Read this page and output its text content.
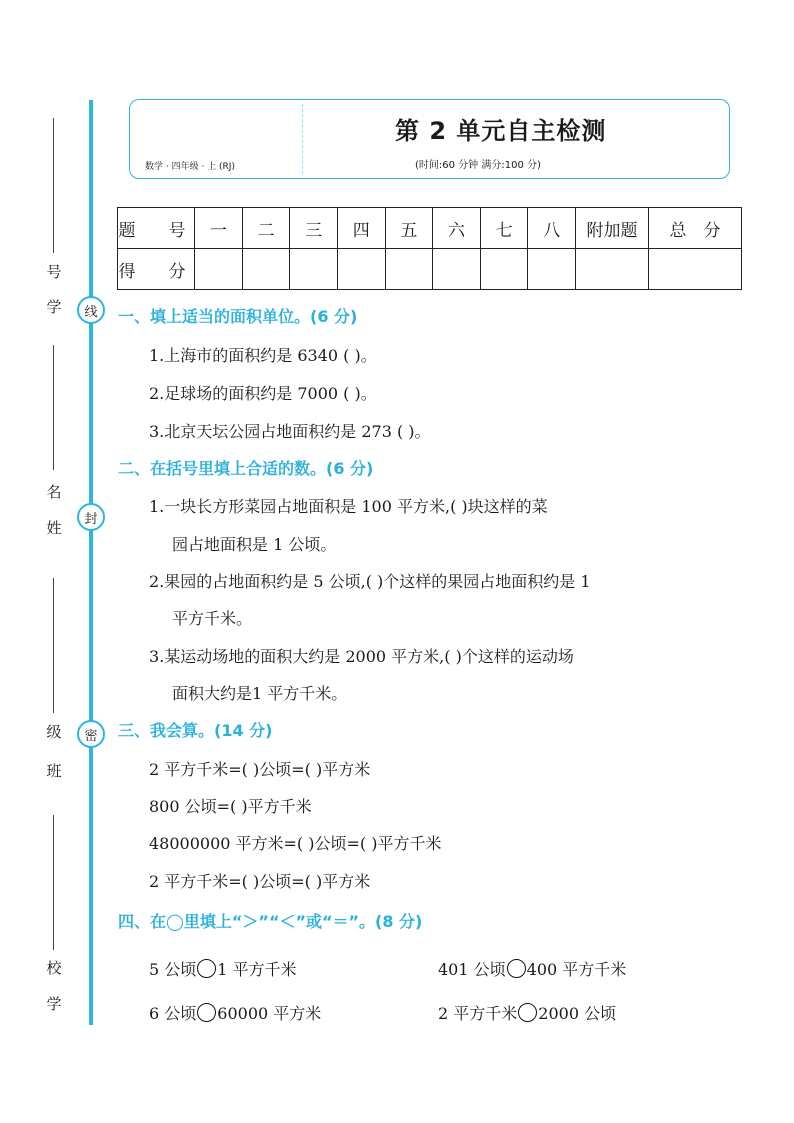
号
学
名
姓
级
班
校
学
线
封
密
数学 · 四年级 · 上 (RJ)
第 2 单元自主检测
(时间:60 分钟 满分:100 分)
题　号	一	二	三	四	五	六	七	八	附加题	总　分
得　分										
一、填上适当的面积单位。(6 分)
1.上海市的面积约是 6340 ( )。
2.足球场的面积约是 7000 ( )。
3.北京天坛公园占地面积约是 273 ( )。
二、在括号里填上合适的数。(6 分)
1.一块长方形菜园占地面积是 100 平方米,( )块这样的菜
园占地面积是 1 公顷。
2.果园的占地面积约是 5 公顷,( )个这样的果园占地面积约是 1
平方千米。
3.某运动场地的面积大约是 2000 平方米,( )个这样的运动场
面积大约是1 平方千米。
三、我会算。(14 分)
2 平方千米=( )公顷=( )平方米
800 公顷=( )平方千米
48000000 平方米=( )公顷=( )平方千米
2 平方千米=( )公顷=( )平方米
四、在◯里填上“＞”“＜”或“＝”。(8 分)
5 公顷 1 平方千米	401 公顷 400 平方千米
6 公顷 60000 平方米	2 平方千米 2000 公顷
